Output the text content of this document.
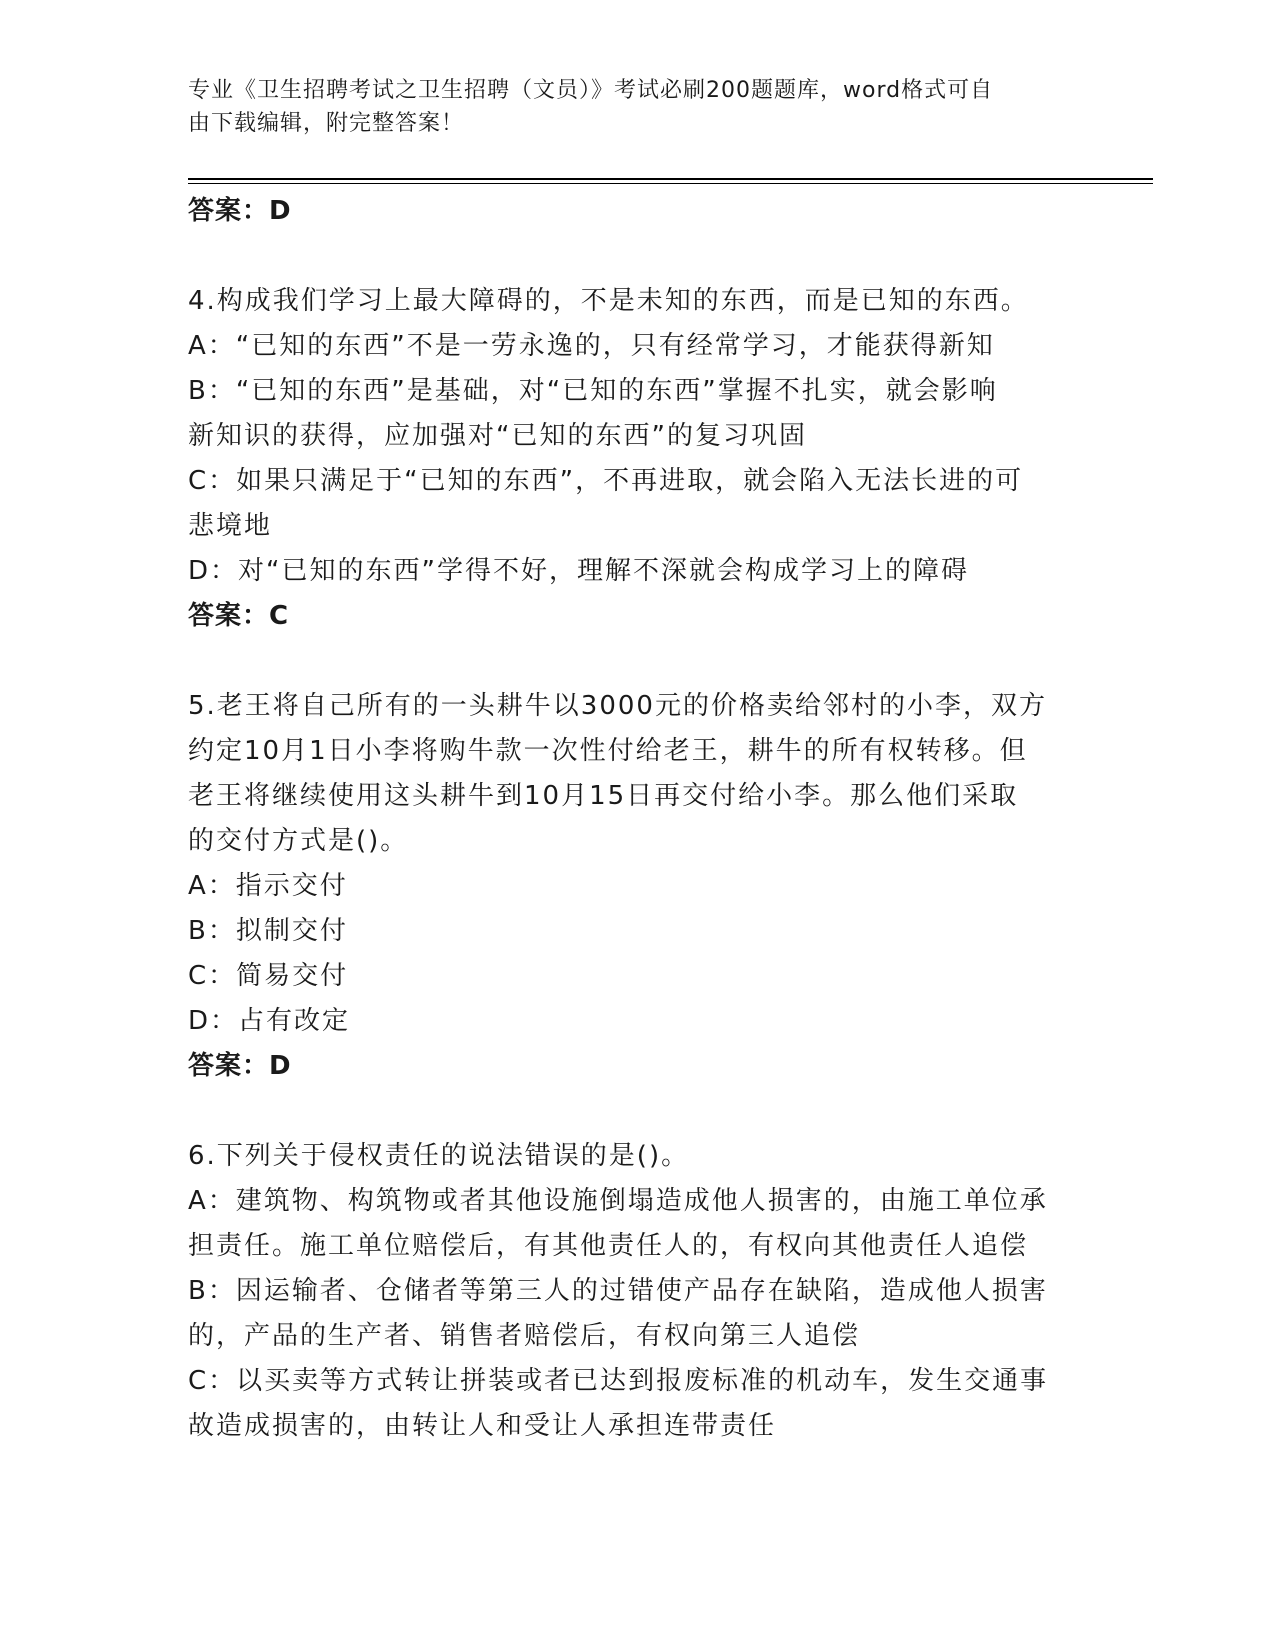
专业《卫生招聘考试之卫生招聘（文员）》考试必刷200题题库，word格式可自
由下载编辑，附完整答案！
答案：D
4.构成我们学习上最大障碍的，不是未知的东西，而是已知的东西。
A：“已知的东西”不是一劳永逸的，只有经常学习，才能获得新知
B：“已知的东西”是基础，对“已知的东西”掌握不扎实，就会影响
新知识的获得，应加强对“已知的东西”的复习巩固
C：如果只满足于“已知的东西”，不再进取，就会陷入无法长进的可
悲境地
D：对“已知的东西”学得不好，理解不深就会构成学习上的障碍
答案：C
5.老王将自己所有的一头耕牛以3000元的价格卖给邻村的小李，双方
约定10月1日小李将购牛款一次性付给老王，耕牛的所有权转移。但
老王将继续使用这头耕牛到10月15日再交付给小李。那么他们采取
的交付方式是()。
A：指示交付
B：拟制交付
C：简易交付
D：占有改定
答案：D
6.下列关于侵权责任的说法错误的是()。
A：建筑物、构筑物或者其他设施倒塌造成他人损害的，由施工单位承
担责任。施工单位赔偿后，有其他责任人的，有权向其他责任人追偿
B：因运输者、仓储者等第三人的过错使产品存在缺陷，造成他人损害
的，产品的生产者、销售者赔偿后，有权向第三人追偿
C：以买卖等方式转让拼装或者已达到报废标准的机动车，发生交通事
故造成损害的，由转让人和受让人承担连带责任
